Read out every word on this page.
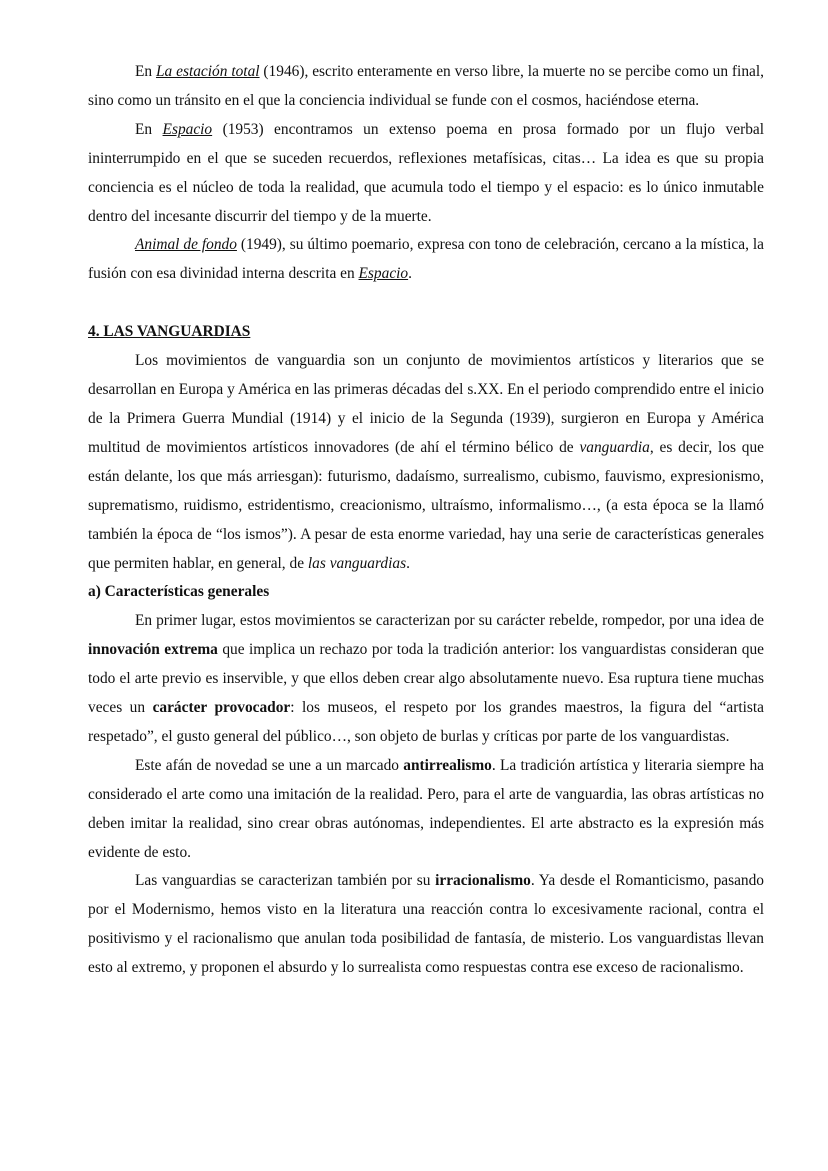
En La estación total (1946), escrito enteramente en verso libre, la muerte no se percibe como un final, sino como un tránsito en el que la conciencia individual se funde con el cosmos, haciéndose eterna.

En Espacio (1953) encontramos un extenso poema en prosa formado por un flujo verbal ininterrumpido en el que se suceden recuerdos, reflexiones metafísicas, citas… La idea es que su propia conciencia es el núcleo de toda la realidad, que acumula todo el tiempo y el espacio: es lo único inmutable dentro del incesante discurrir del tiempo y de la muerte.

Animal de fondo (1949), su último poemario, expresa con tono de celebración, cercano a la mística, la fusión con esa divinidad interna descrita en Espacio.

4. LAS VANGUARDIAS

Los movimientos de vanguardia son un conjunto de movimientos artísticos y literarios que se desarrollan en Europa y América en las primeras décadas del s.XX. En el periodo comprendido entre el inicio de la Primera Guerra Mundial (1914) y el inicio de la Segunda (1939), surgieron en Europa y América multitud de movimientos artísticos innovadores (de ahí el término bélico de vanguardia, es decir, los que están delante, los que más arriesgan): futurismo, dadaísmo, surrealismo, cubismo, fauvismo, expresionismo, suprematismo, ruidismo, estridentismo, creacionismo, ultraísmo, informalismo…, (a esta época se la llamó también la época de “los ismos”). A pesar de esta enorme variedad, hay una serie de características generales que permiten hablar, en general, de las vanguardias.

a) Características generales

En primer lugar, estos movimientos se caracterizan por su carácter rebelde, rompedor, por una idea de innovación extrema que implica un rechazo por toda la tradición anterior: los vanguardistas consideran que todo el arte previo es inservible, y que ellos deben crear algo absolutamente nuevo. Esa ruptura tiene muchas veces un carácter provocador: los museos, el respeto por los grandes maestros, la figura del “artista respetado”, el gusto general del público…, son objeto de burlas y críticas por parte de los vanguardistas.

Este afán de novedad se une a un marcado antirrealismo. La tradición artística y literaria siempre ha considerado el arte como una imitación de la realidad. Pero, para el arte de vanguardia, las obras artísticas no deben imitar la realidad, sino crear obras autónomas, independientes. El arte abstracto es la expresión más evidente de esto.

Las vanguardias se caracterizan también por su irracionalismo. Ya desde el Romanticismo, pasando por el Modernismo, hemos visto en la literatura una reacción contra lo excesivamente racional, contra el positivismo y el racionalismo que anulan toda posibilidad de fantasía, de misterio. Los vanguardistas llevan esto al extremo, y proponen el absurdo y lo surrealista como respuestas contra ese exceso de racionalismo.
